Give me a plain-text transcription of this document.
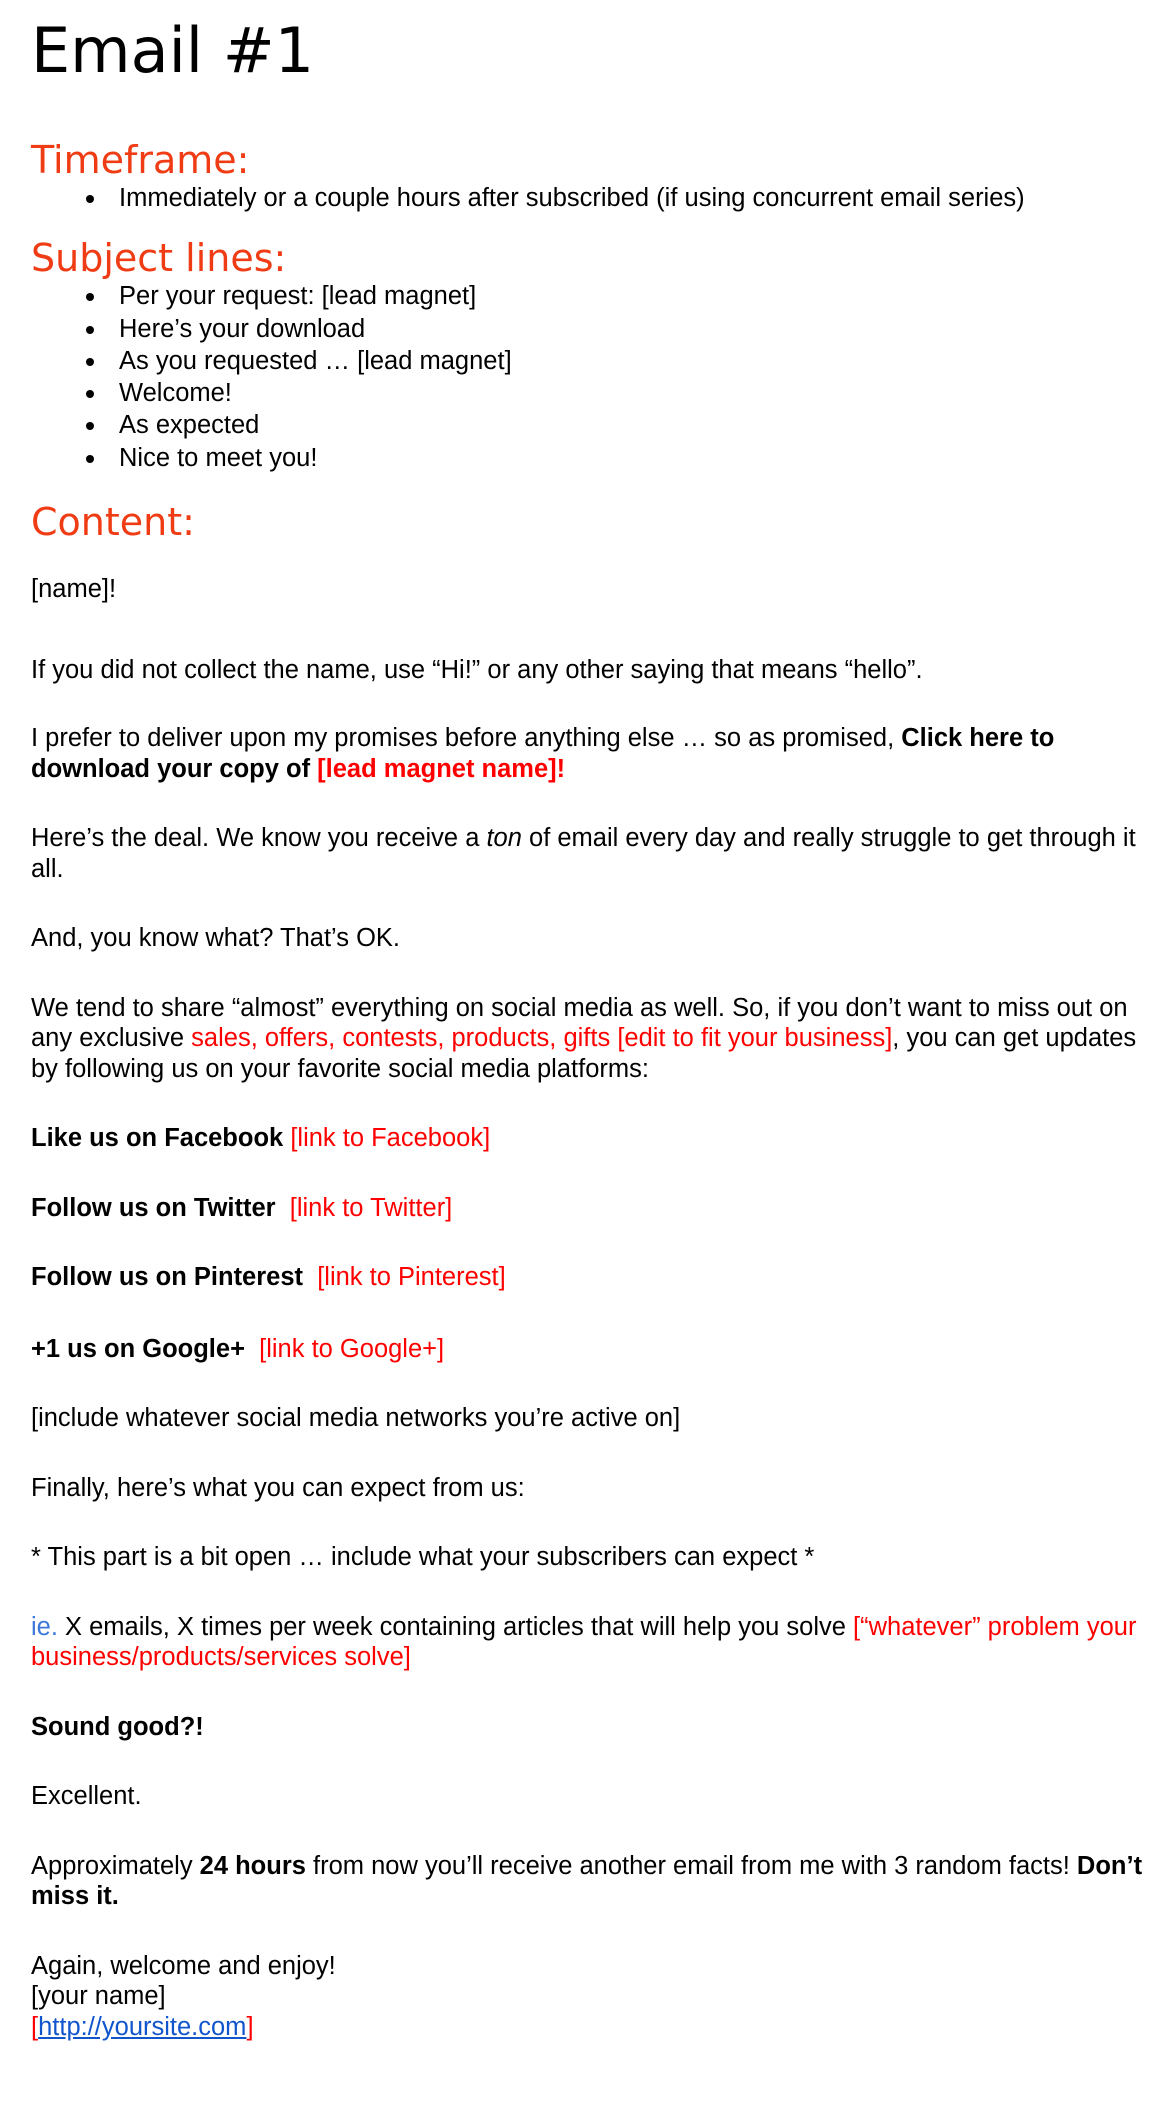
Email #1
Timeframe:
Immediately or a couple hours after subscribed (if using concurrent email series)
Subject lines:
Per your request: [lead magnet]
Here’s your download
As you requested … [lead magnet]
Welcome!
As expected
Nice to meet you!
Content:

[name]!

If you did not collect the name, use “Hi!” or any other saying that means “hello”.

I prefer to deliver upon my promises before anything else … so as promised, Click here to download your copy of [lead magnet name]!

Here’s the deal. We know you receive a ton of email every day and really struggle to get through it all.

And, you know what? That’s OK.

We tend to share “almost” everything on social media as well. So, if you don’t want to miss out on any exclusive sales, offers, contests, products, gifts [edit to fit your business], you can get updates by following us on your favorite social media platforms:

Like us on Facebook [link to Facebook]

Follow us on Twitter  [link to Twitter]

Follow us on Pinterest  [link to Pinterest]

+1 us on Google+  [link to Google+]

[include whatever social media networks you’re active on]

Finally, here’s what you can expect from us:

* This part is a bit open … include what your subscribers can expect *

ie. X emails, X times per week containing articles that will help you solve [“whatever” problem your business/products/services solve]

Sound good?!

Excellent.

Approximately 24 hours from now you’ll receive another email from me with 3 random facts! Don’t miss it.

Again, welcome and enjoy!

[your name]

[http://yoursite.com]
